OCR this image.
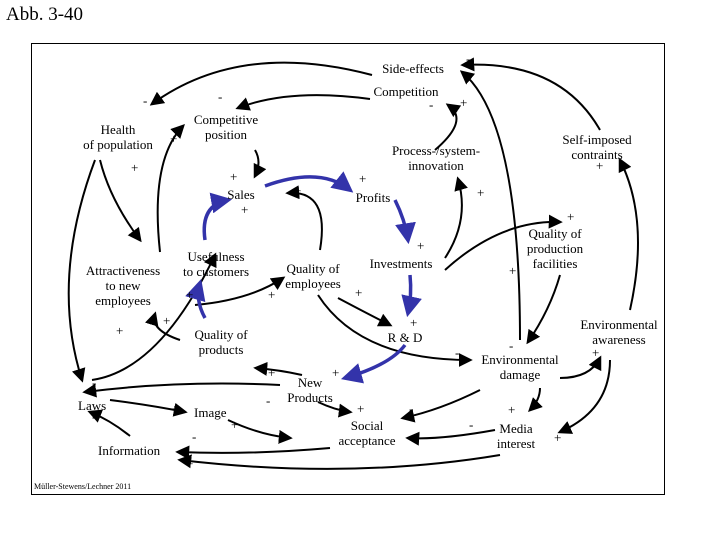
Abb. 3-40
Side-effects
Competition
Health
of population
Competitive
position	Self-imposed
contraints
Process-/system-
innovation
Sales	Profits
Quality of
production
facilities
Usefulness
to customers
Investments
Attractiveness
to new
employees
Quality of
employees
Environmental
awareness
R & D
Quality of
products
Environmental
damage
New
Products
Laws	Image
Social
acceptance
Media
interest
Information
-
- +
-	-
+
+
+
+
+
+
+
+
+
+
+
+	+	+
+
+	+ +
+
-
-
+	+
-
-
-
+
+
+	-	+
-
+
+
-
+
Müller-Stewens/Lechner 2011
